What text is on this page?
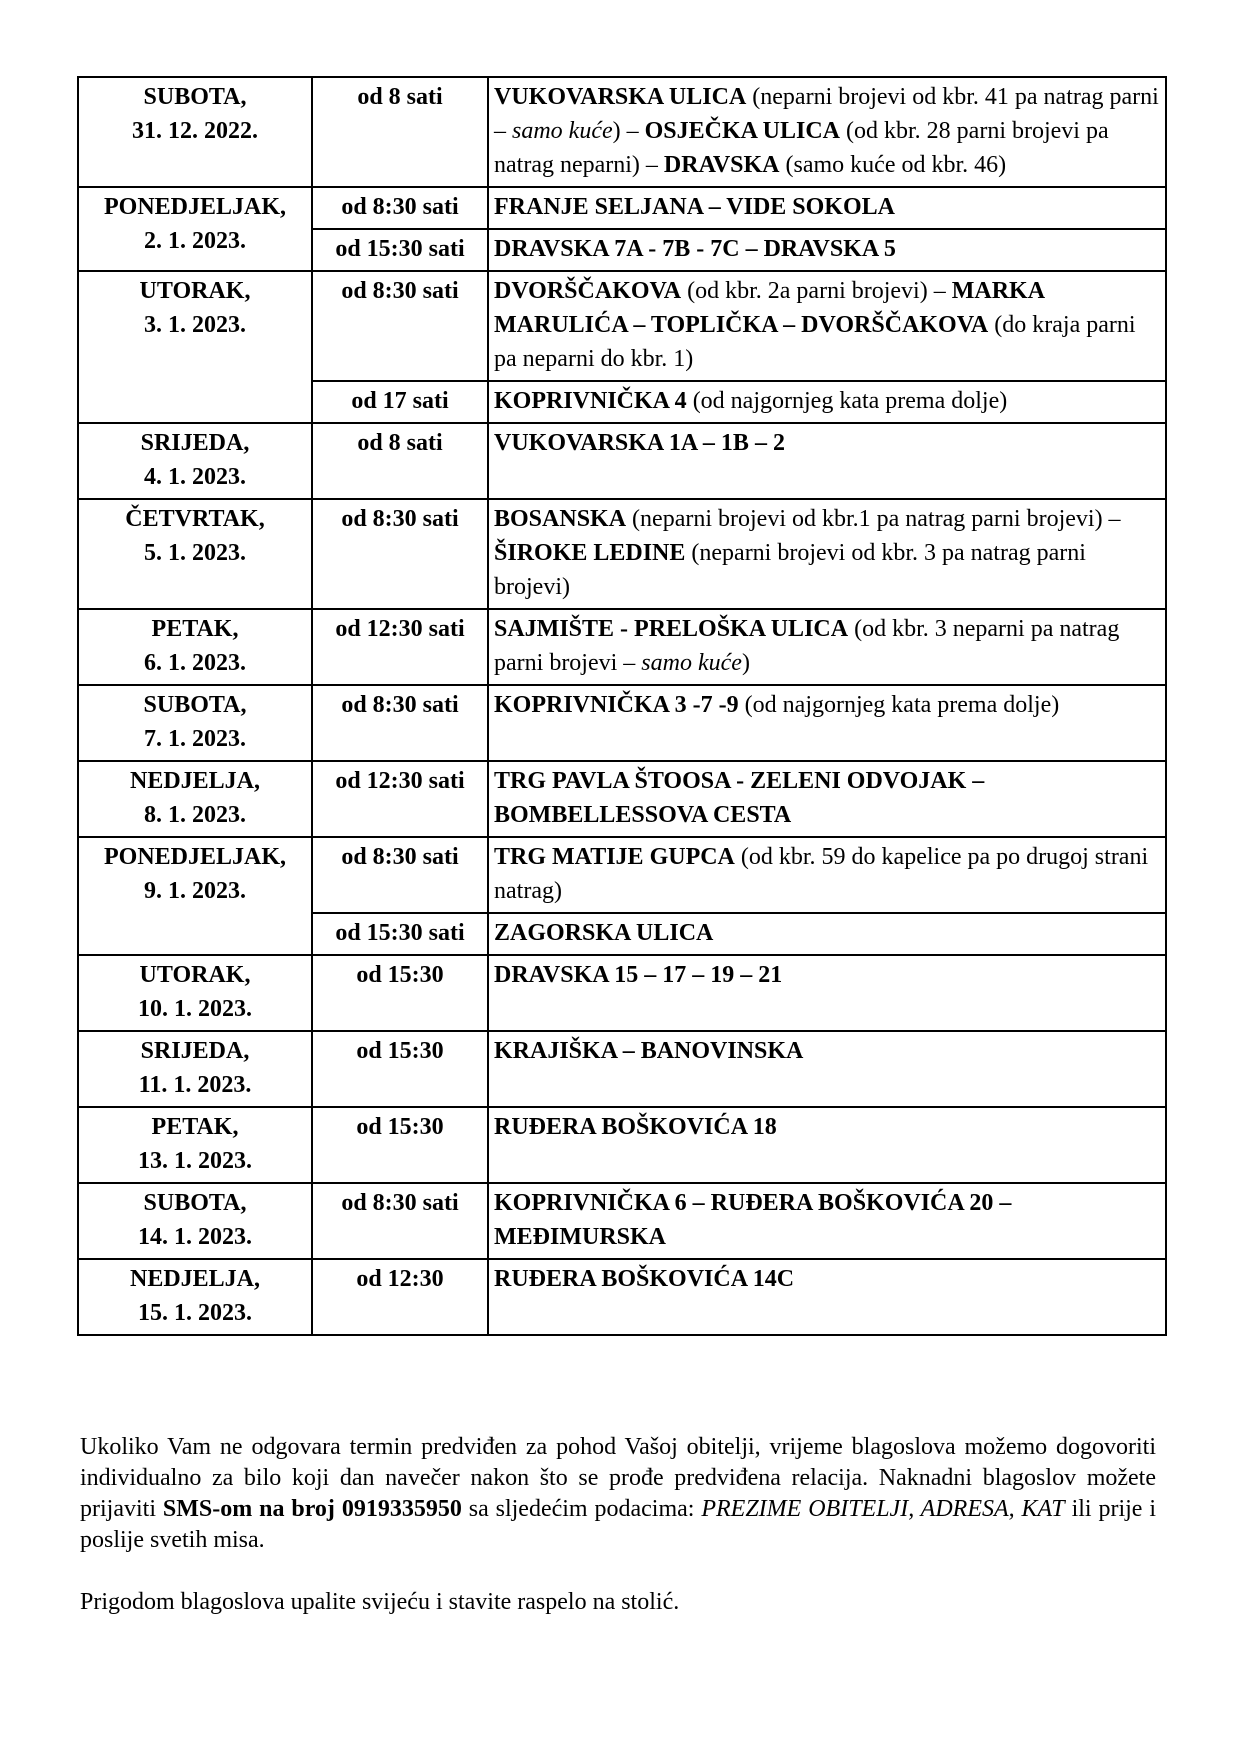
SUBOTA,
31. 12. 2022.	od 8 sati	VUKOVARSKA ULICA (neparni brojevi od kbr. 41 pa natrag parni – samo kuće) – OSJEČKA ULICA (od kbr. 28 parni brojevi pa natrag neparni) – DRAVSKA (samo kuće od kbr. 46)

PONEDJELJAK,
2. 1. 2023.	od 8:30 sati	FRANJE SELJANA – VIDE SOKOLA
	od 15:30 sati	DRAVSKA 7A - 7B - 7C – DRAVSKA 5

UTORAK,
3. 1. 2023.	od 8:30 sati	DVORŠČAKOVA (od kbr. 2a parni brojevi) – MARKA MARULIĆA – TOPLIČKA – DVORŠČAKOVA (do kraja parni pa neparni do kbr. 1)
	od 17 sati	KOPRIVNIČKA 4 (od najgornjeg kata prema dolje)

SRIJEDA,
4. 1. 2023.	od 8 sati	VUKOVARSKA 1A – 1B – 2

ČETVRTAK,
5. 1. 2023.	od 8:30 sati	BOSANSKA (neparni brojevi od kbr.1 pa natrag parni brojevi) – ŠIROKE LEDINE (neparni brojevi od kbr. 3 pa natrag parni brojevi)

PETAK,
6. 1. 2023.	od 12:30 sati	SAJMIŠTE - PRELOŠKA ULICA (od kbr. 3 neparni pa natrag parni brojevi – samo kuće)

SUBOTA,
7. 1. 2023.	od 8:30 sati	KOPRIVNIČKA 3 -7 -9 (od najgornjeg kata prema dolje)

NEDJELJA,
8. 1. 2023.	od 12:30 sati	TRG PAVLA ŠTOOSA - ZELENI ODVOJAK – BOMBELLESSOVA CESTA

PONEDJELJAK,
9. 1. 2023.	od 8:30 sati	TRG MATIJE GUPCA (od kbr. 59 do kapelice pa po drugoj strani natrag)
	od 15:30 sati	ZAGORSKA ULICA

UTORAK,
10. 1. 2023.	od 15:30	DRAVSKA 15 – 17 – 19 – 21

SRIJEDA,
11. 1. 2023.	od 15:30	KRAJIŠKA – BANOVINSKA

PETAK,
13. 1. 2023.	od 15:30	RUĐERA BOŠKOVIĆA 18

SUBOTA,
14. 1. 2023.	od 8:30 sati	KOPRIVNIČKA 6 – RUĐERA BOŠKOVIĆA 20 – MEĐIMURSKA

NEDJELJA,
15. 1. 2023.	od 12:30	RUĐERA BOŠKOVIĆA 14C

Ukoliko Vam ne odgovara termin predviđen za pohod Vašoj obitelji, vrijeme blagoslova možemo dogovoriti individualno za bilo koji dan navečer nakon što se prođe predviđena relacija. Naknadni blagoslov možete prijaviti SMS-om na broj 0919335950 sa sljedećim podacima: PREZIME OBITELJI, ADRESA, KAT ili prije i poslije svetih misa.

Prigodom blagoslova upalite svijeću i stavite raspelo na stolić.
